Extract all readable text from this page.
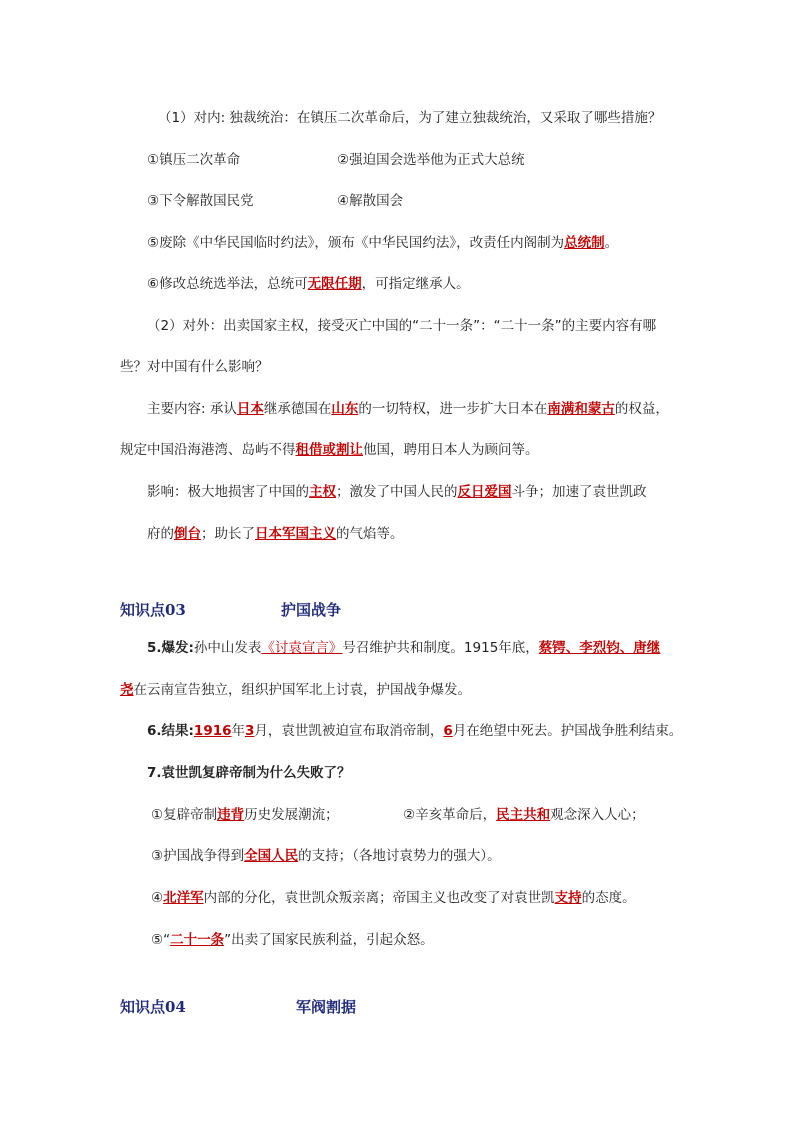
（1）对内: 独裁统治：在镇压二次革命后，为了建立独裁统治，又采取了哪些措施？
①镇压二次革命	②强迫国会选举他为正式大总统
③下令解散国民党	④解散国会
⑤废除《中华民国临时约法》，颁布《中华民国约法》，改责任内阁制为总统制。
⑥修改总统选举法，总统可无限任期，可指定继承人。
（2）对外：出卖国家主权，接受灭亡中国的“二十一条”：“二十一条”的主要内容有哪
些？对中国有什么影响？
主要内容: 承认日本继承德国在山东的一切特权，进一步扩大日本在南满和蒙古的权益，
规定中国沿海港湾、岛屿不得租借或割让他国，聘用日本人为顾问等。
影响：极大地损害了中国的主权；激发了中国人民的反日爱国斗争；加速了袁世凯政
府的倒台；助长了日本军国主义的气焰等。
知识点03	护国战争
5.爆发:孙中山发表《讨袁宣言》号召维护共和制度。1915年底，蔡锷、李烈钧、唐继
尧在云南宣告独立，组织护国军北上讨袁，护国战争爆发。
6.结果:1916年3月，袁世凯被迫宣布取消帝制，6月在绝望中死去。护国战争胜利结束。
7.袁世凯复辟帝制为什么失败了？
①复辟帝制违背历史发展潮流；	②辛亥革命后，民主共和观念深入人心；
③护国战争得到全国人民的支持；（各地讨袁势力的强大）。
④北洋军内部的分化，袁世凯众叛亲离；帝国主义也改变了对袁世凯支持的态度。
⑤“二十一条”出卖了国家民族利益，引起众怒。
知识点04	军阀割据
